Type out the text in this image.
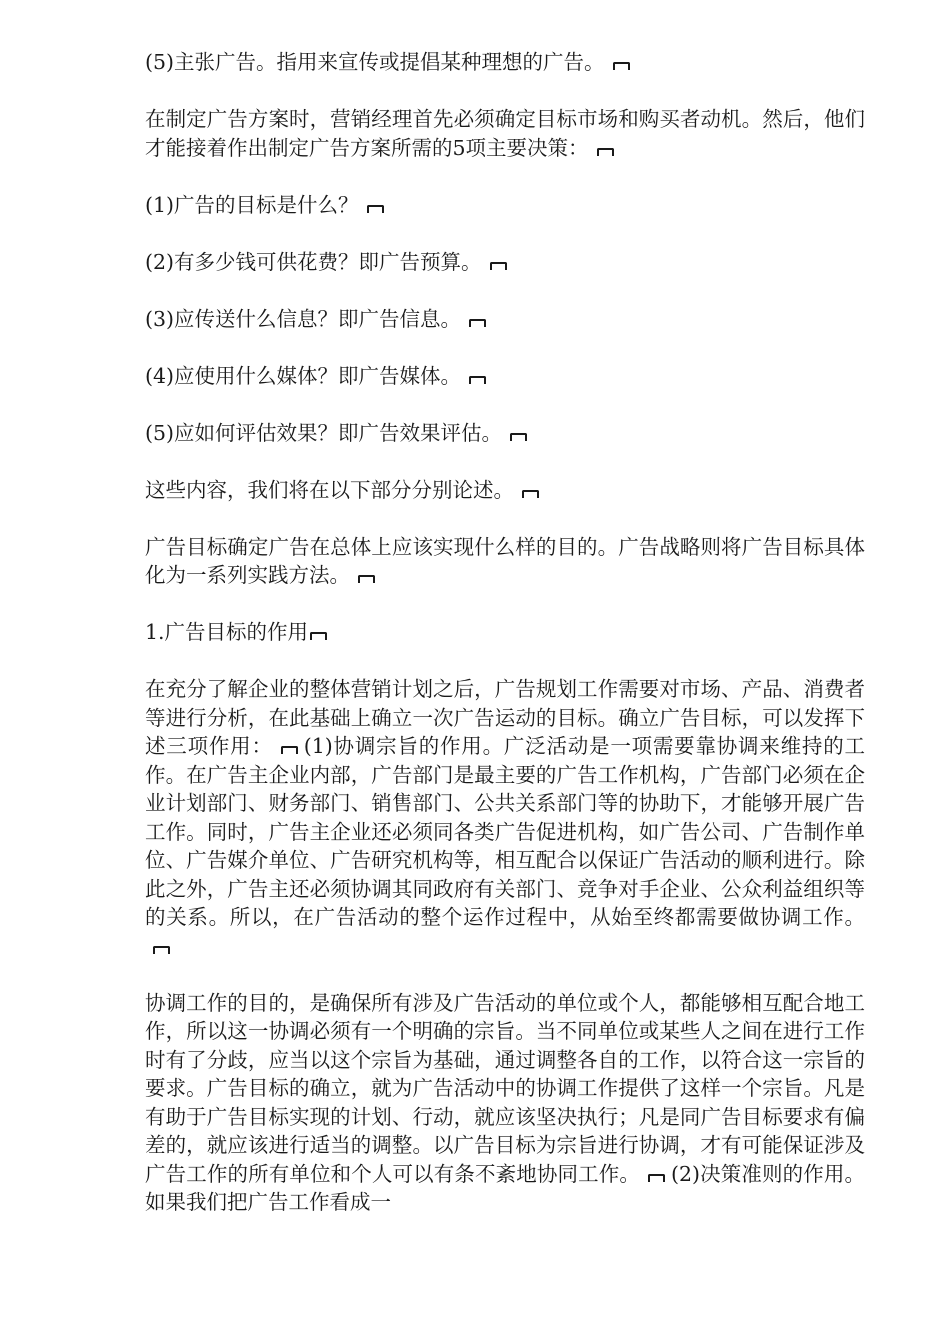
(5)主张广告。指用来宣传或提倡某种理想的广告。

在制定广告方案时，营销经理首先必须确定目标市场和购买者动机。然后，他们才能接着作出制定广告方案所需的5项主要决策：

(1)广告的目标是什么？

(2)有多少钱可供花费？即广告预算。

(3)应传送什么信息？即广告信息。

(4)应使用什么媒体？即广告媒体。

(5)应如何评估效果？即广告效果评估。

这些内容，我们将在以下部分分别论述。

广告目标确定广告在总体上应该实现什么样的目的。广告战略则将广告目标具体化为一系列实践方法。

1.广告目标的作用

在充分了解企业的整体营销计划之后，广告规划工作需要对市场、产品、消费者等进行分析，在此基础上确立一次广告运动的目标。确立广告目标，可以发挥下述三项作用： (1)协调宗旨的作用。广泛活动是一项需要靠协调来维持的工作。在广告主企业内部，广告部门是最主要的广告工作机构，广告部门必须在企业计划部门、财务部门、销售部门、公共关系部门等的协助下，才能够开展广告工作。同时，广告主企业还必须同各类广告促进机构，如广告公司、广告制作单位、广告媒介单位、广告研究机构等，相互配合以保证广告活动的顺利进行。除此之外，广告主还必须协调其同政府有关部门、竞争对手企业、公众利益组织等的关系。所以，在广告活动的整个运作过程中，从始至终都需要做协调工作。

协调工作的目的，是确保所有涉及广告活动的单位或个人，都能够相互配合地工作，所以这一协调必须有一个明确的宗旨。当不同单位或某些人之间在进行工作时有了分歧，应当以这个宗旨为基础，通过调整各自的工作，以符合这一宗旨的要求。广告目标的确立，就为广告活动中的协调工作提供了这样一个宗旨。凡是有助于广告目标实现的计划、行动，就应该坚决执行；凡是同广告目标要求有偏差的，就应该进行适当的调整。以广告目标为宗旨进行协调，才有可能保证涉及广告工作的所有单位和个人可以有条不紊地协同工作。 (2)决策准则的作用。如果我们把广告工作看成一
